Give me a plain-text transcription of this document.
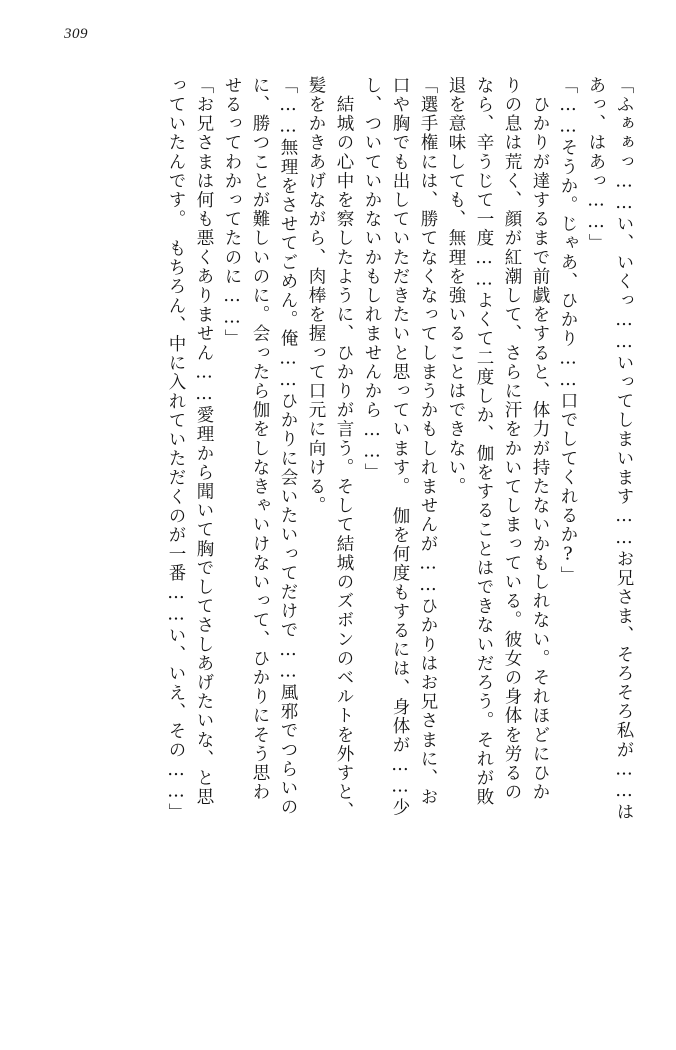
309
「ふぁぁっ……い、いくっ……いってしまいます……お兄さま、そろそろ私が……は
あっ、はあっ……」
「……そうか。じゃあ、ひかり……口でしてくれるか?」
　ひかりが達するまで前戯をすると、体力が持たないかもしれない。それほどにひか
りの息は荒く、顔が紅潮して、さらに汗をかいてしまっている。彼女の身体を労るの
なら、辛うじて一度……よくて二度しか、伽をすることはできないだろう。それが敗
退を意味しても、無理を強いることはできない。
「選手権には、勝てなくなってしまうかもしれませんが……ひかりはお兄さまに、お
口や胸でも出していただきたいと思っています。　伽を何度もするには、身体が……少
し、ついていかないかもしれませんから……」
　結城の心中を察したように、ひかりが言う。そして結城のズボンのベルトを外すと、
髪をかきあげながら、肉棒を握って口元に向ける。
「……無理をさせてごめん。俺……ひかりに会いたいってだけで……風邪でつらいの
に、勝つことが難しいのに。会ったら伽をしなきゃいけないって、ひかりにそう思わ
せるってわかってたのに……」
「お兄さまは何も悪くありません……愛理から聞いて胸でしてさしあげたいな、と思
っていたんです。　もちろん、中に入れていただくのが一番……い、いえ、その……」
